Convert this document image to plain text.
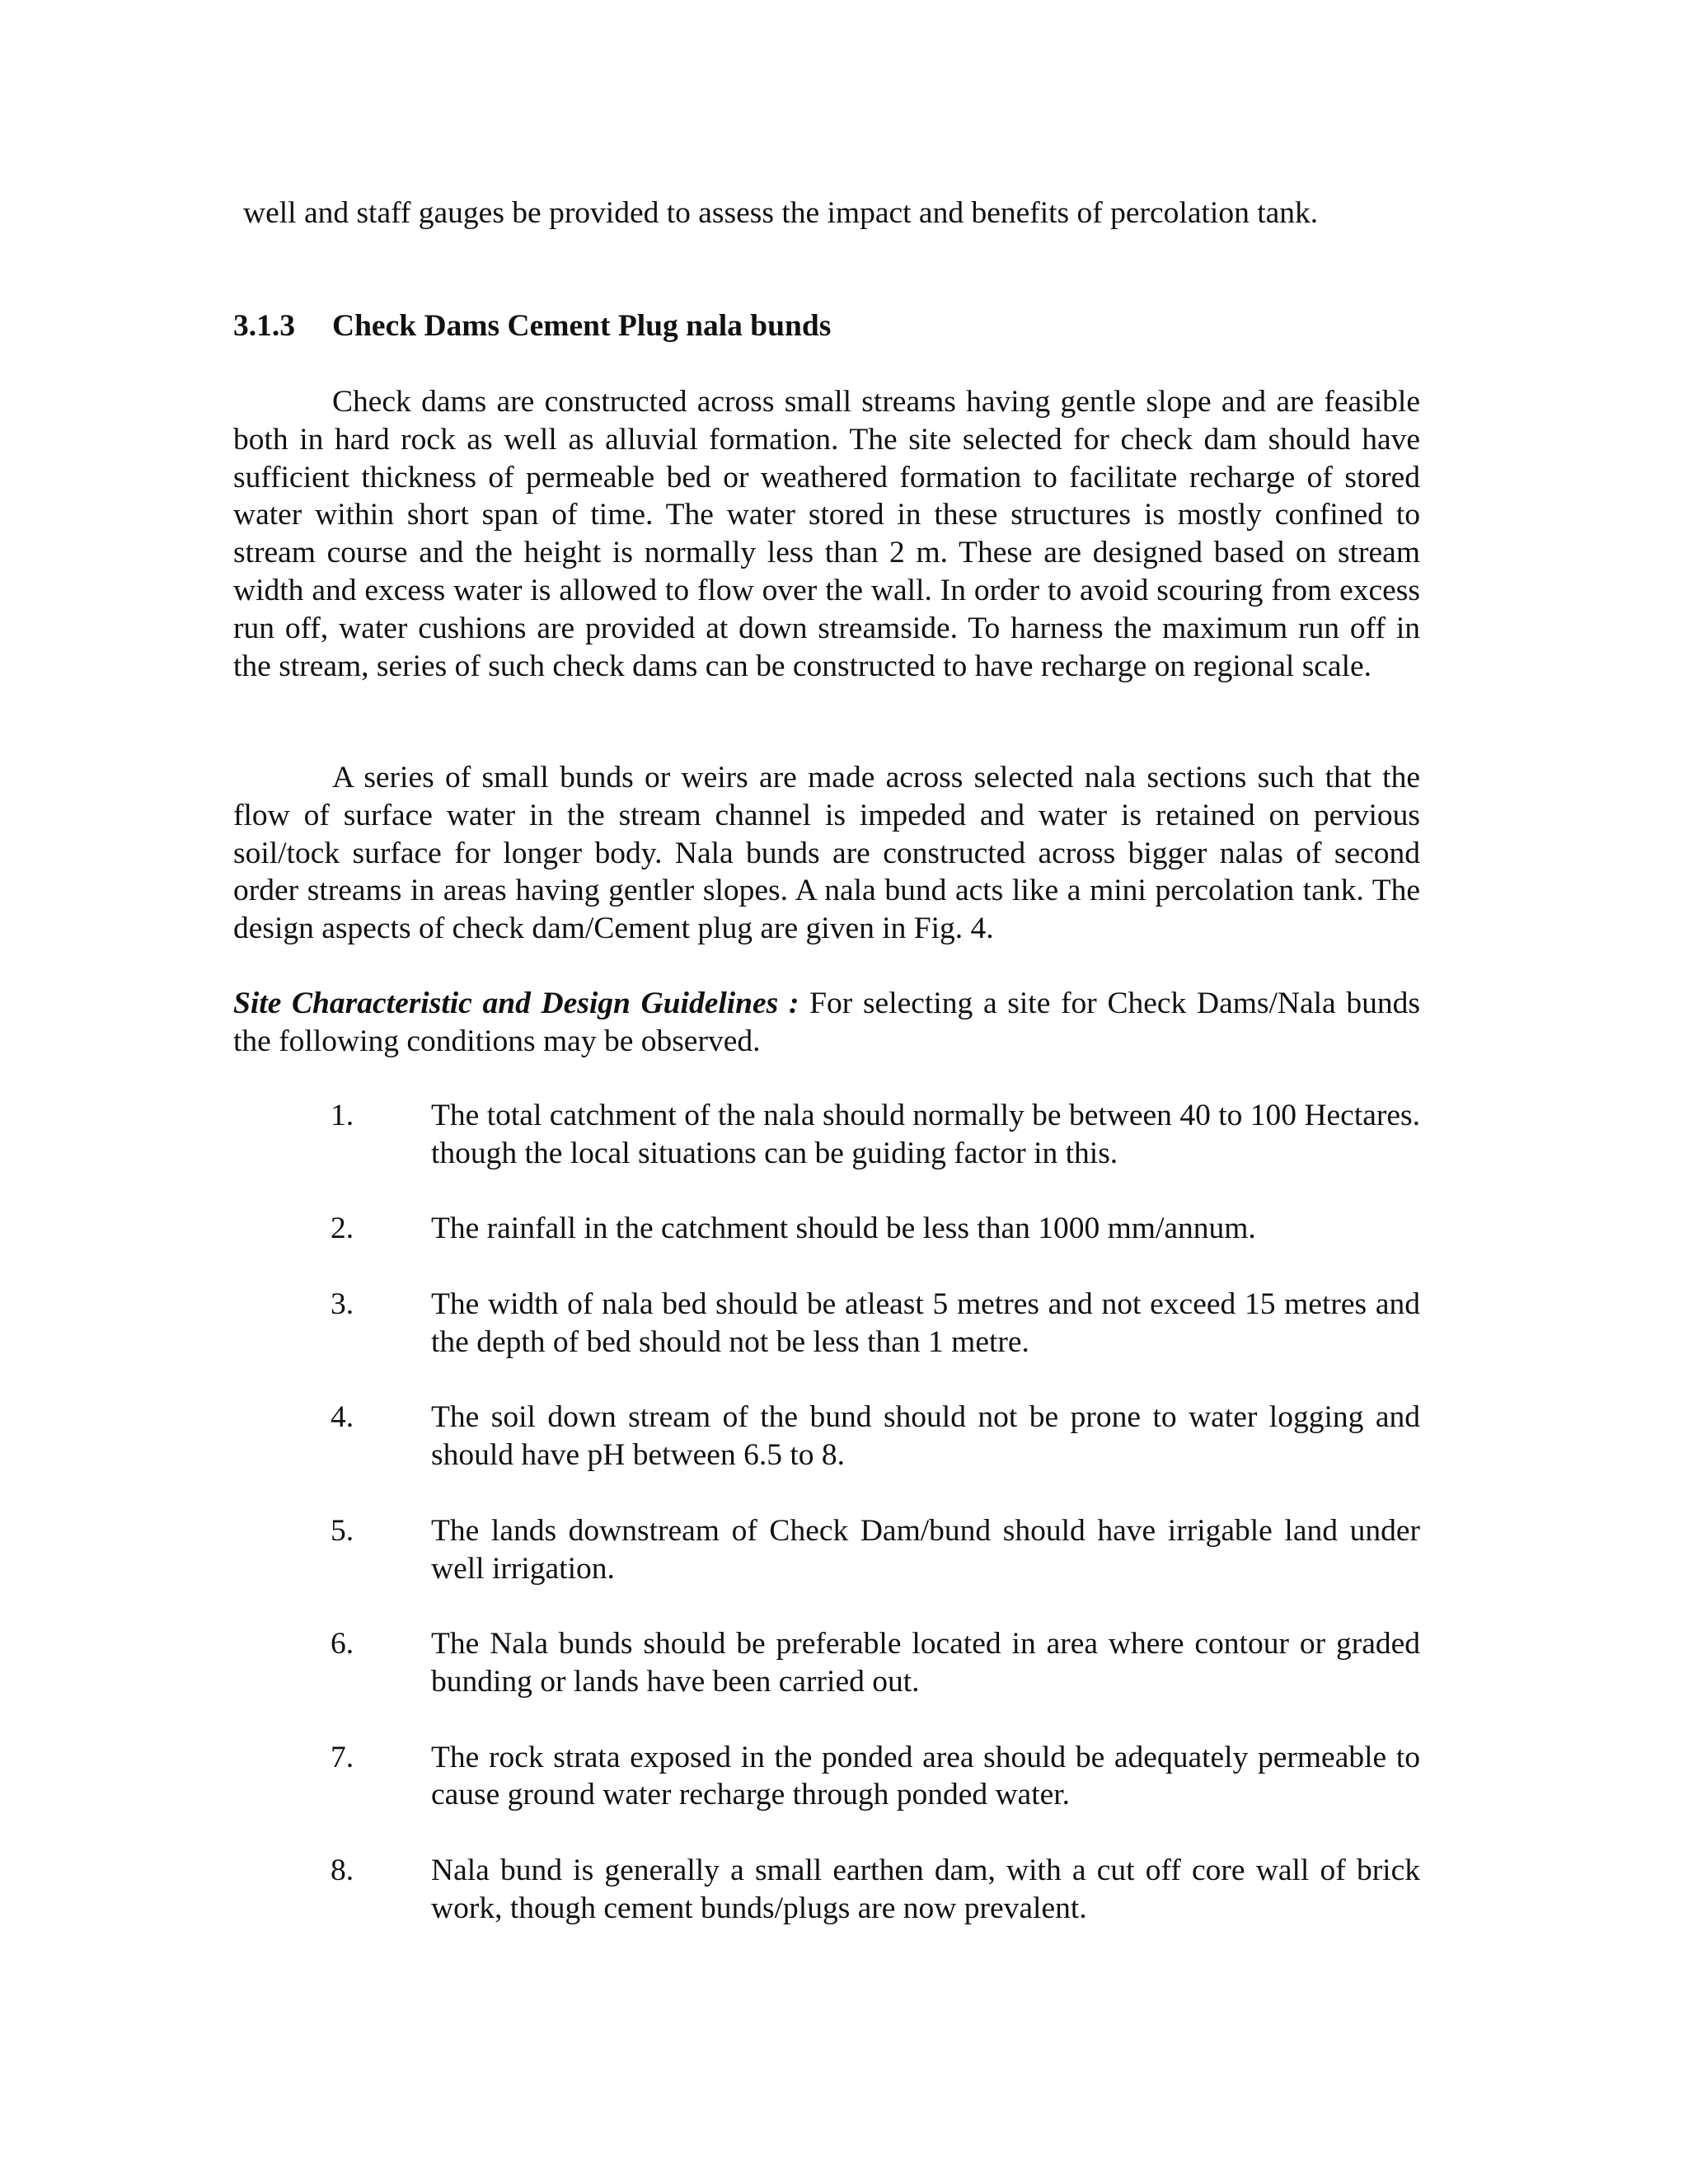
well and staff gauges be provided to assess the impact and benefits of percolation tank.

3.1.3 Check Dams Cement Plug nala bunds

Check dams are constructed across small streams having gentle slope and are feasible both in hard rock as well as alluvial formation. The site selected for check dam should have sufficient thickness of permeable bed or weathered formation to facilitate recharge of stored water within short span of time. The water stored in these structures is mostly confined to stream course and the height is normally less than 2 m. These are designed based on stream width and excess water is allowed to flow over the wall. In order to avoid scouring from excess run off, water cushions are provided at down streamside. To harness the maximum run off in the stream, series of such check dams can be constructed to have recharge on regional scale.

A series of small bunds or weirs are made across selected nala sections such that the flow of surface water in the stream channel is impeded and water is retained on pervious soil/tock surface for longer body. Nala bunds are constructed across bigger nalas of second order streams in areas having gentler slopes. A nala bund acts like a mini percolation tank. The design aspects of check dam/Cement plug are given in Fig. 4.

Site Characteristic and Design Guidelines : For selecting a site for Check Dams/Nala bunds the following conditions may be observed.

1.	The total catchment of the nala should normally be between 40 to 100 Hectares. though the local situations can be guiding factor in this.
2.	The rainfall in the catchment should be less than 1000 mm/annum.
3.	The width of nala bed should be atleast 5 metres and not exceed 15 metres and the depth of bed should not be less than 1 metre.
4.	The soil down stream of the bund should not be prone to water logging and should have pH between 6.5 to 8.
5.	The lands downstream of Check Dam/bund should have irrigable land under well irrigation.
6.	The Nala bunds should be preferable located in area where contour or graded bunding or lands have been carried out.
7.	The rock strata exposed in the ponded area should be adequately permeable to cause ground water recharge through ponded water.
8.	Nala bund is generally a small earthen dam, with a cut off core wall of brick work, though cement bunds/plugs are now prevalent.
